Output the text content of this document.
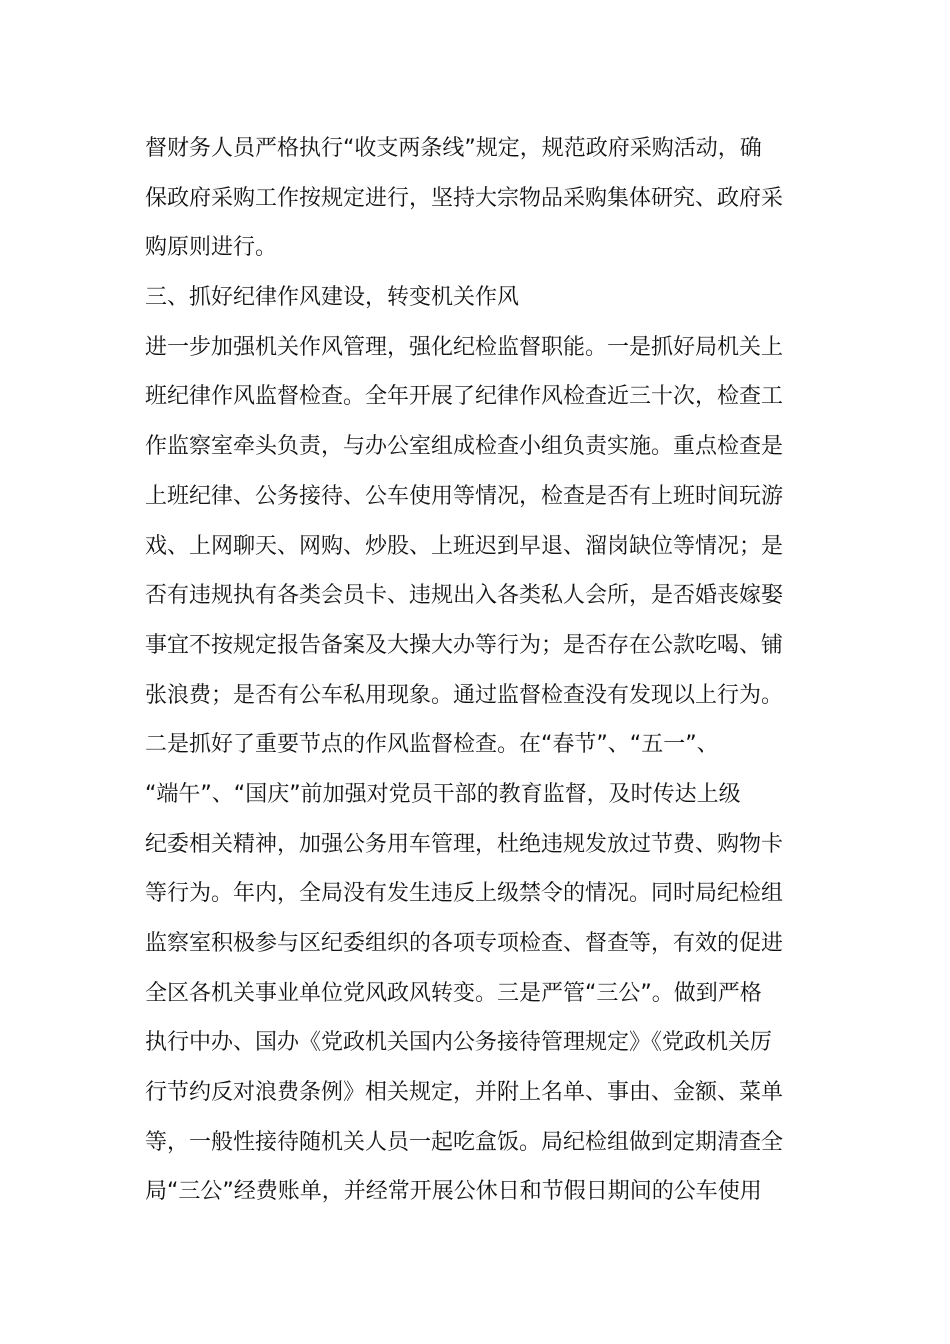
督财务人员严格执行“收支两条线”规定，规范政府采购活动，确
保政府采购工作按规定进行，坚持大宗物品采购集体研究、政府采
购原则进行。
三、抓好纪律作风建设，转变机关作风
进一步加强机关作风管理，强化纪检监督职能。一是抓好局机关上
班纪律作风监督检查。全年开展了纪律作风检查近三十次，检查工
作监察室牵头负责，与办公室组成检查小组负责实施。重点检查是
上班纪律、公务接待、公车使用等情况，检查是否有上班时间玩游
戏、上网聊天、网购、炒股、上班迟到早退、溜岗缺位等情况；是
否有违规执有各类会员卡、违规出入各类私人会所，是否婚丧嫁娶
事宜不按规定报告备案及大操大办等行为；是否存在公款吃喝、铺
张浪费；是否有公车私用现象。通过监督检查没有发现以上行为。
二是抓好了重要节点的作风监督检查。在“春节”、“五一”、
“端午”、“国庆”前加强对党员干部的教育监督，及时传达上级
纪委相关精神，加强公务用车管理，杜绝违规发放过节费、购物卡
等行为。年内，全局没有发生违反上级禁令的情况。同时局纪检组
监察室积极参与区纪委组织的各项专项检查、督查等，有效的促进
全区各机关事业单位党风政风转变。三是严管“三公”。做到严格
执行中办、国办《党政机关国内公务接待管理规定》《党政机关厉
行节约反对浪费条例》相关规定，并附上名单、事由、金额、菜单
等，一般性接待随机关人员一起吃盒饭。局纪检组做到定期清查全
局“三公”经费账单，并经常开展公休日和节假日期间的公车使用
